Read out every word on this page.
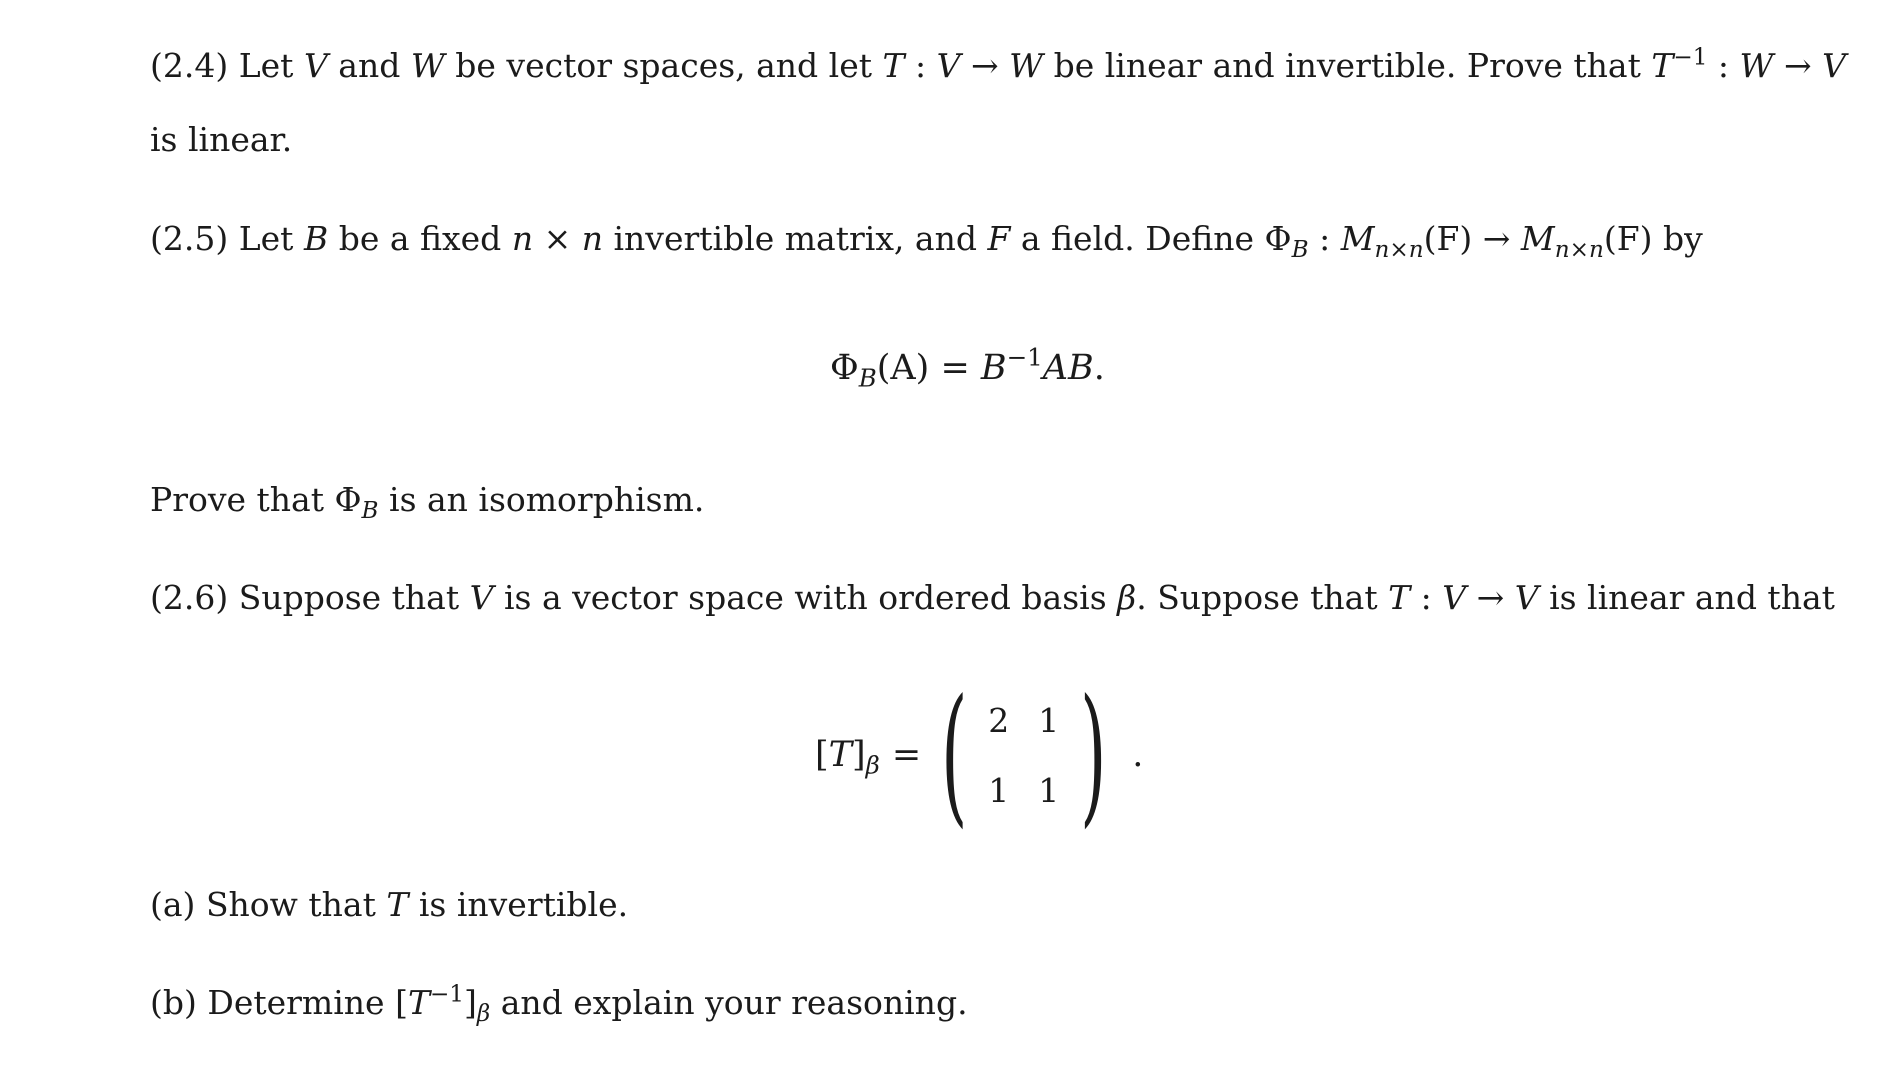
(2.4) Let V and W be vector spaces, and let T : V → W be linear and invertible. Prove that $T^{-1}$ : W → V
is linear.
(2.5) Let B be a fixed n × n invertible matrix, and F a field. Define $\Phi_B$ : $M_{n\times n}(F) \to M_{n\times n}(F)$ by
$\Phi_B(A) = B^{-1}AB$.
Prove that $\Phi_B$ is an isomorphism.
(2.6) Suppose that V is a vector space with ordered basis β. Suppose that T : V → V is linear and that
$[T]_\beta$ = ( 2 1
1 1 ) .
(a) Show that T is invertible.
(b) Determine $[T^{-1}]_\beta$ and explain your reasoning.
